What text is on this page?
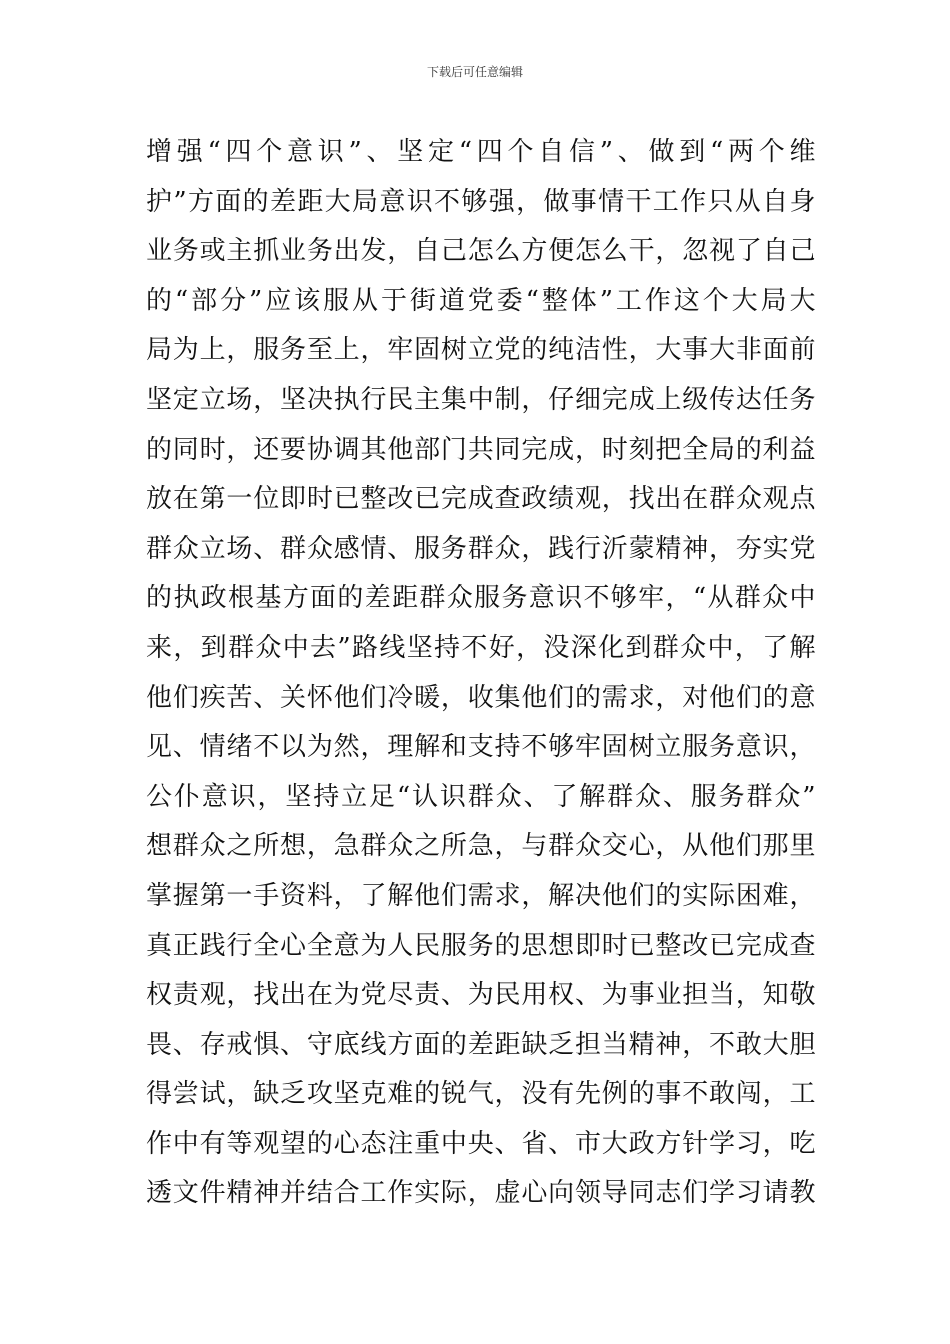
下载后可任意编辑
增强“四个意识”、坚定“四个自信”、做到“两个维
护”方面的差距大局意识不够强，做事情干工作只从自身
业务或主抓业务出发，自己怎么方便怎么干，忽视了自己
的“部分”应该服从于街道党委“整体”工作这个大局大
局为上，服务至上，牢固树立党的纯洁性，大事大非面前
坚定立场，坚决执行民主集中制，仔细完成上级传达任务
的同时，还要协调其他部门共同完成，时刻把全局的利益
放在第一位即时已整改已完成查政绩观，找出在群众观点
群众立场、群众感情、服务群众，践行沂蒙精神，夯实党
的执政根基方面的差距群众服务意识不够牢，“从群众中
来，到群众中去”路线坚持不好，没深化到群众中，了解
他们疾苦、关怀他们冷暖，收集他们的需求，对他们的意
见、情绪不以为然，理解和支持不够牢固树立服务意识，
公仆意识，坚持立足“认识群众、了解群众、服务群众”
想群众之所想，急群众之所急，与群众交心，从他们那里
掌握第一手资料，了解他们需求，解决他们的实际困难，
真正践行全心全意为人民服务的思想即时已整改已完成查
权责观，找出在为党尽责、为民用权、为事业担当，知敬
畏、存戒惧、守底线方面的差距缺乏担当精神，不敢大胆
得尝试，缺乏攻坚克难的锐气，没有先例的事不敢闯，工
作中有等观望的心态注重中央、省、市大政方针学习，吃
透文件精神并结合工作实际，虚心向领导同志们学习请教
